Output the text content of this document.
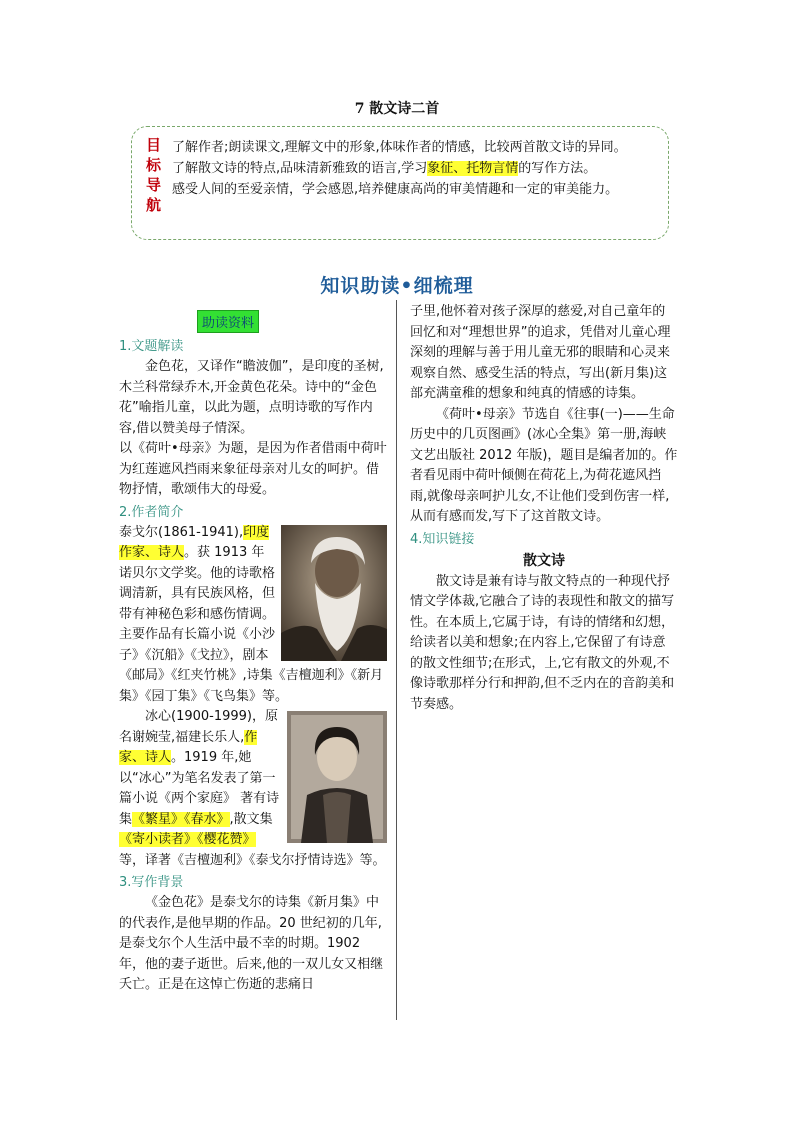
7 散文诗二首
目
标
导
航
了解作者;朗读课文,理解文中的形象,体味作者的情感，比较两首散文诗的异同。
了解散文诗的特点,品味清新雅致的语言,学习象征、托物言情的写作方法。
感受人间的至爱亲情，学会感恩,培养健康高尚的审美情趣和一定的审美能力。
知识助读•细梳理
助读资料
1.文题解读
金色花，又译作“瞻波伽”，是印度的圣树,木兰科常绿乔木,开金黄色花朵。诗中的“金色花”喻指儿童，以此为题，点明诗歌的写作内容,借以赞美母子情深。
以《荷叶•母亲》为题，是因为作者借雨中荷叶为红莲遮风挡雨来象征母亲对儿女的呵护。借物抒情，歌颂伟大的母爱。
2.作者简介
泰戈尔(1861-1941),印度作家、诗人。获 1913 年诺贝尔文学奖。他的诗歌格调清新，具有民族风格，但带有神秘色彩和感伤情调。主要作品有长篇小说《小沙子》《沉船》《戈拉》，剧本《邮局》《红夹竹桃》,诗集《吉檀迦利》《新月集》《园丁集》《飞鸟集》等。
冰心(1900-1999)，原名谢婉莹,福建长乐人,作家、诗人。1919 年,她以“冰心”为笔名发表了第一篇小说《两个家庭》 著有诗集《繁星》《春水》,散文集《寄小读者》《樱花赞》等，译著《吉檀迦利》《泰戈尔抒情诗选》等。
3.写作背景
《金色花》是泰戈尔的诗集《新月集》中的代表作,是他早期的作品。20 世纪初的几年,是泰戈尔个人生活中最不幸的时期。1902 年，他的妻子逝世。后来,他的一双儿女又相继夭亡。正是在这悼亡伤逝的悲痛日
子里,他怀着对孩子深厚的慈爱,对自己童年的回忆和对“理想世界”的追求，凭借对儿童心理深刻的理解与善于用儿童无邪的眼睛和心灵来观察自然、感受生活的特点，写出(新月集)这部充满童稚的想象和纯真的情感的诗集。
《荷叶•母亲》节选自《往事(一)——生命历史中的几页图画》(冰心全集》第一册,海峡文艺出版社 2012 年版)，题目是编者加的。作者看见雨中荷叶倾侧在荷花上,为荷花遮风挡雨,就像母亲呵护儿女,不让他们受到伤害一样,从而有感而发,写下了这首散文诗。
4.知识链接
散文诗
散文诗是兼有诗与散文特点的一种现代抒情文学体裁,它融合了诗的表现性和散文的描写性。在本质上,它属于诗，有诗的情绪和幻想，给读者以美和想象;在内容上,它保留了有诗意的散文性细节;在形式，上,它有散文的外观,不像诗歌那样分行和押韵,但不乏内在的音韵美和节奏感。
